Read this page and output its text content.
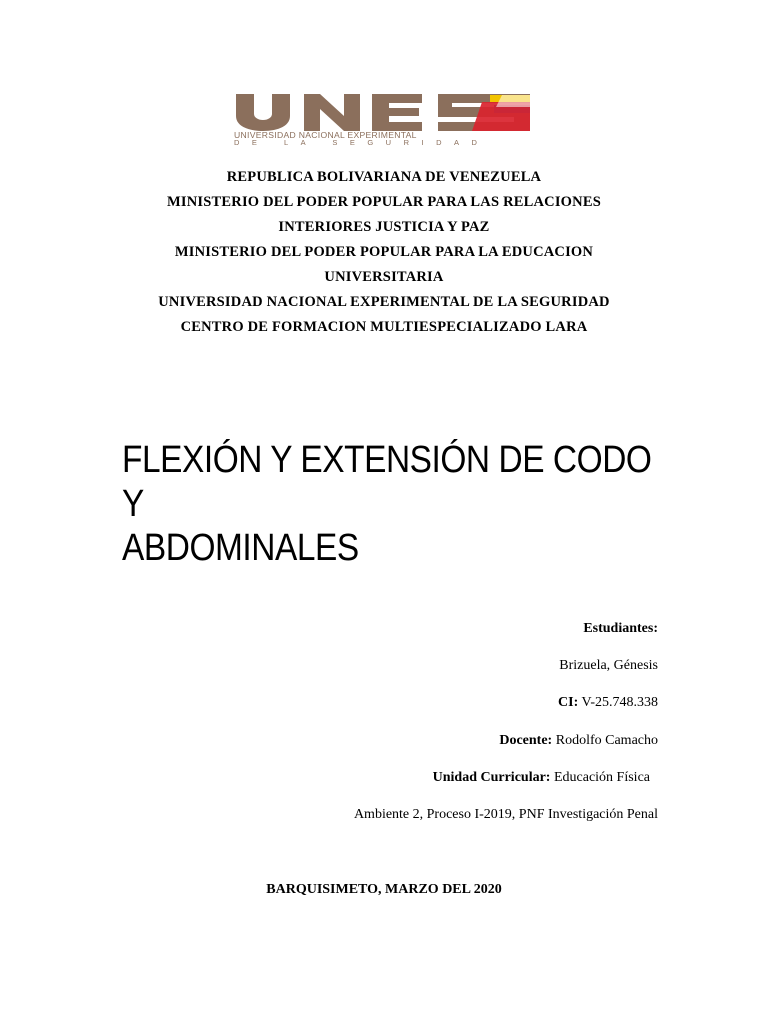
UNIVERSIDAD NACIONAL EXPERIMENTAL
DE LA SEGURIDAD
UNES
REPUBLICA BOLIVARIANA DE VENEZUELA
MINISTERIO DEL PODER POPULAR PARA LAS RELACIONES
INTERIORES JUSTICIA Y PAZ
MINISTERIO DEL PODER POPULAR PARA LA EDUCACION
UNIVERSITARIA
UNIVERSIDAD NACIONAL EXPERIMENTAL DE LA SEGURIDAD
CENTRO DE FORMACION MULTIESPECIALIZADO LARA
FLEXIÓN Y EXTENSIÓN DE CODO
Y
ABDOMINALES
Estudiantes:
Brizuela, Génesis
CI: V-25.748.338
Docente: Rodolfo Camacho
Unidad Curricular: Educación Física
Ambiente 2, Proceso I-2019, PNF Investigación Penal
BARQUISIMETO, MARZO DEL 2020
